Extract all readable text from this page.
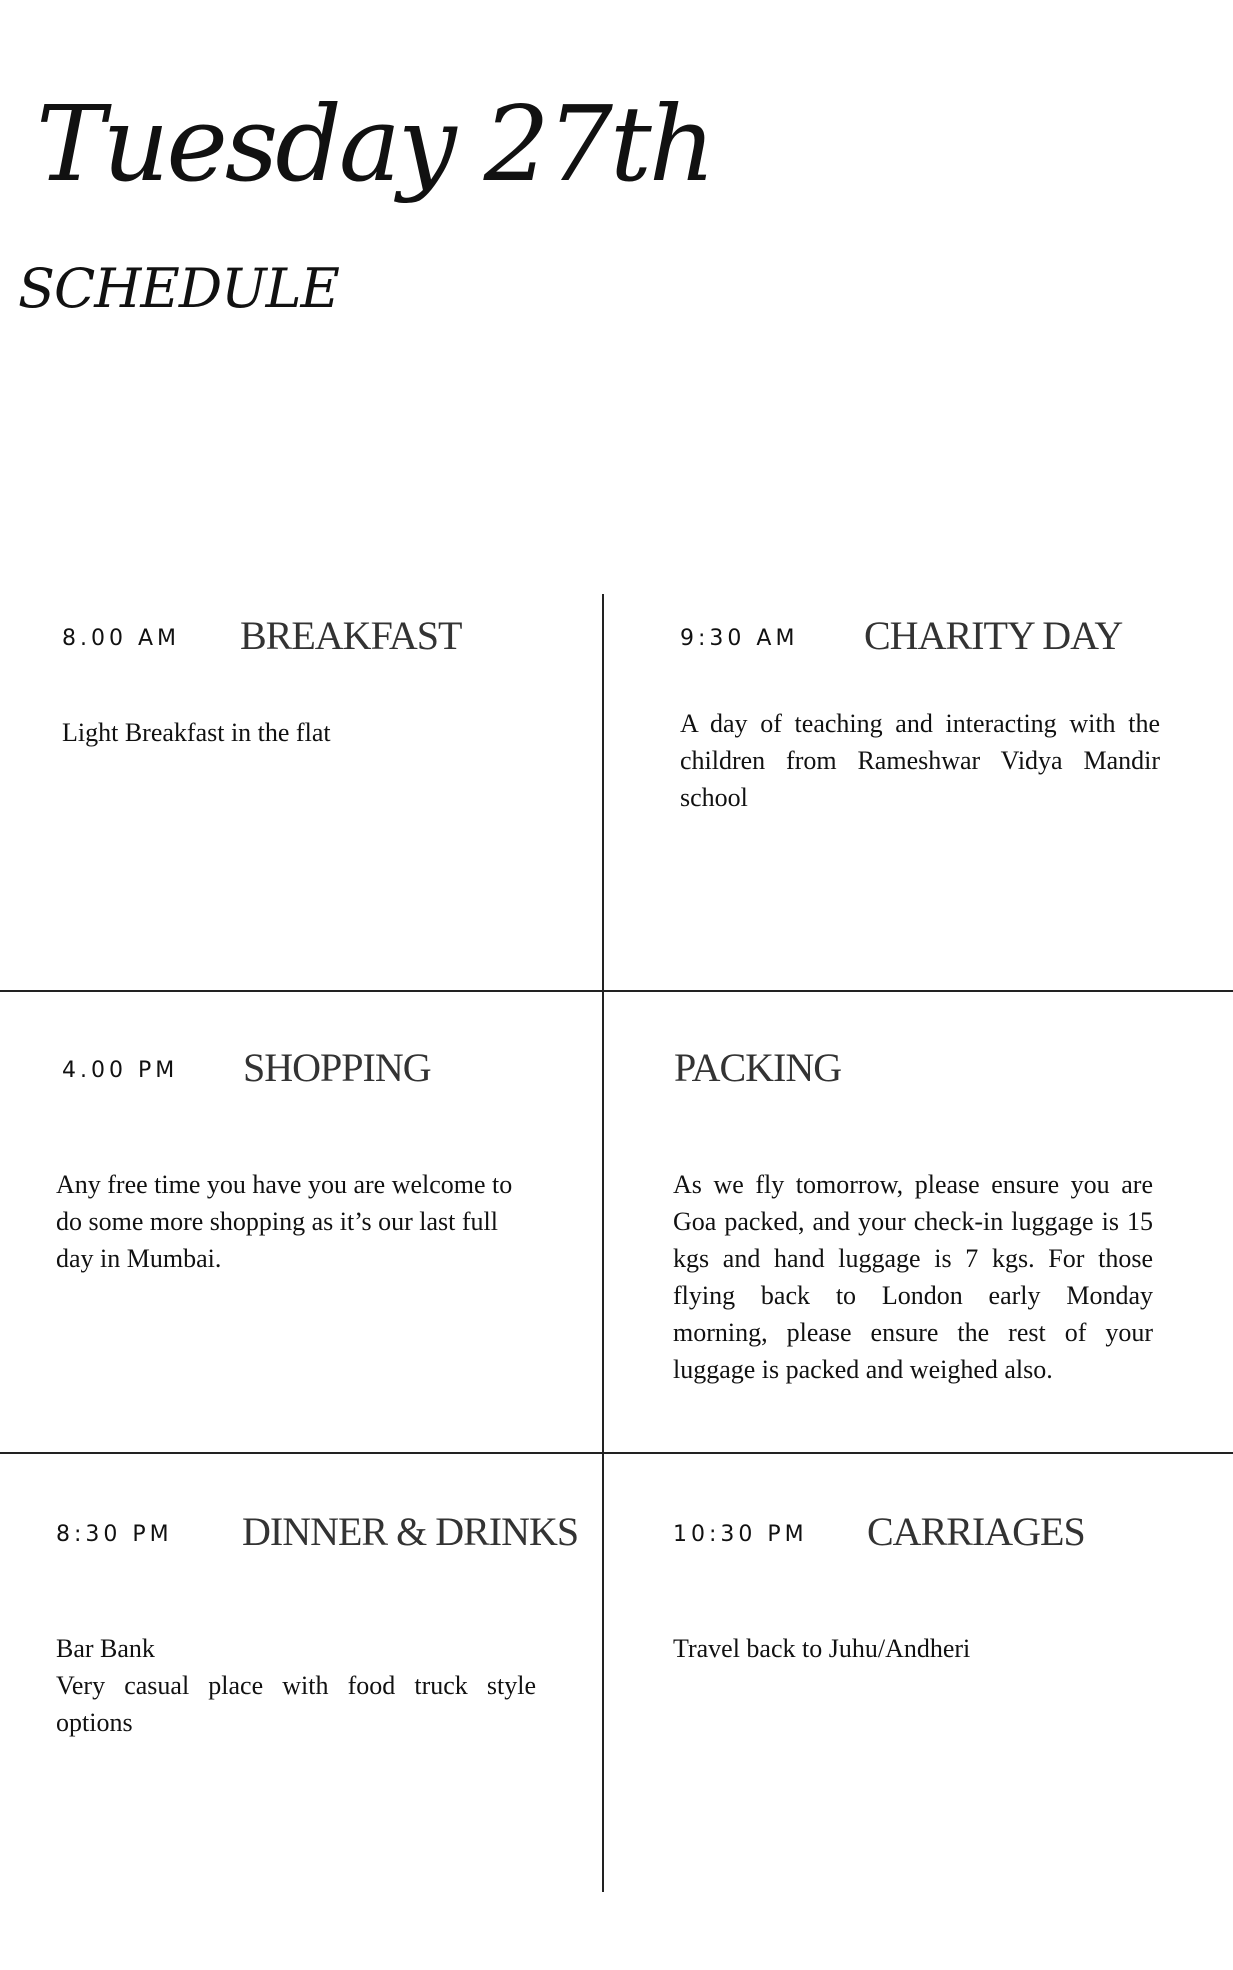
Tuesday 27th
SCHEDULE
8.00 AM BREAKFAST

Light Breakfast in the flat

9:30 AM CHARITY DAY

A day of teaching and interacting with the children from Rameshwar Vidya Mandir school

4.00 PM SHOPPING

Any free time you have you are welcome to do some more shopping as it’s our last full day in Mumbai.

PACKING

As we fly tomorrow, please ensure you are Goa packed, and your check-in luggage is 15 kgs and hand luggage is 7 kgs. For those flying back to London early Monday morning, please ensure the rest of your luggage is packed and weighed also.

8:30 PM DINNER & DRINKS

Bar Bank
Very casual place with food truck style options

10:30 PM CARRIAGES

Travel back to Juhu/Andheri
